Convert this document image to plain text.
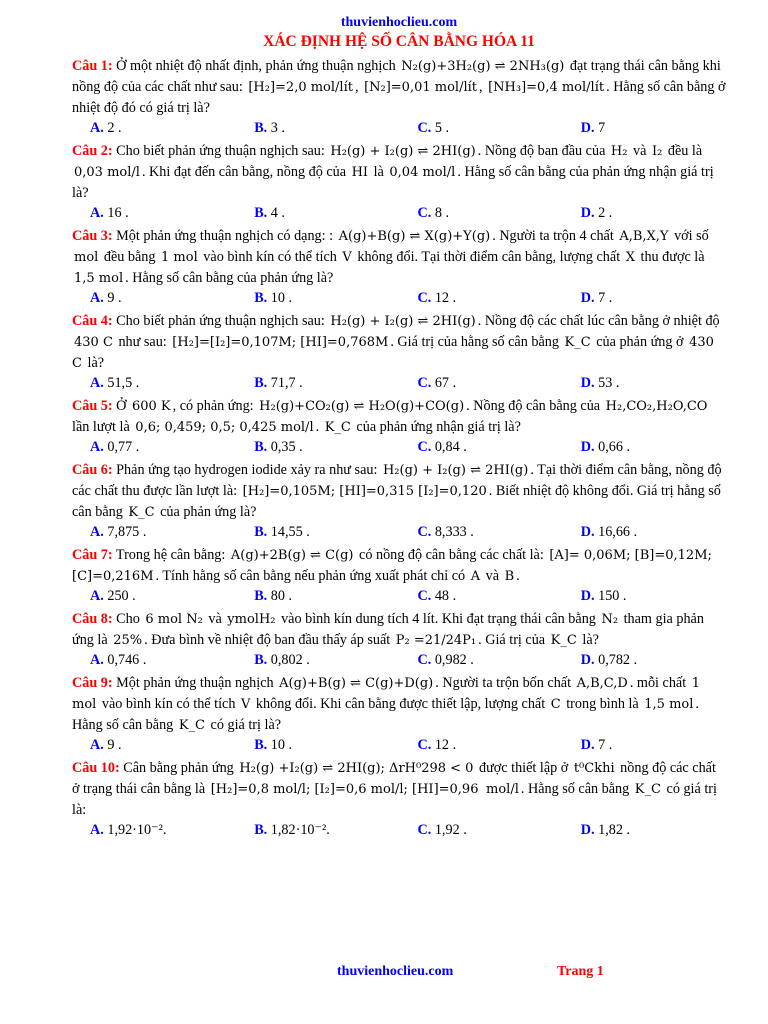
thuvienhoclieu.com
XÁC ĐỊNH HỆ SỐ CÂN BẰNG HÓA 11
Câu 1: Ở một nhiệt độ nhất định, phản ứng thuận nghịch N₂(g)+3H₂(g) ⇌ 2NH₃(g) đạt trạng thái cân bằng khi nồng độ của các chất như sau: [H₂]=2,0 mol/lít , [N₂]=0,01 mol/lít , [NH₃]=0,4 mol/lít . Hằng số cân bằng ở nhiệt độ đó có giá trị là?
A. 2 .	B. 3 .	C. 5 .	D. 7
Câu 2: Cho biết phản ứng thuận nghịch sau: H₂(g) + I₂(g) ⇌ 2HI(g) . Nồng độ ban đầu của H₂ và I₂ đều là 0,03 mol/l . Khi đạt đến cân bằng, nồng độ của HI là 0,04 mol/l . Hằng số cân bằng của phản ứng nhận giá trị là?
A. 16 .	B. 4 .	C. 8 .	D. 2 .
Câu 3: Một phản ứng thuận nghịch có dạng: : A(g)+B(g) ⇌ X(g)+Y(g) . Người ta trộn 4 chất A,B,X,Y với số mol đều bằng 1 mol vào bình kín có thể tích V không đổi. Tại thời điểm cân bằng, lượng chất X thu được là 1,5 mol . Hằng số cân bằng của phản ứng là?
A. 9 .	B. 10 .	C. 12 .	D. 7 .
Câu 4: Cho biết phản ứng thuận nghịch sau: H₂(g) + I₂(g) ⇌ 2HI(g) . Nồng độ các chất lúc cân bằng ở nhiệt độ 430 C như sau: [H₂]=[I₂]=0,107M; [HI]=0,768M . Giá trị của hằng số cân bằng K_C của phản ứng ở 430 C là?
A. 51,5 .	B. 71,7 .	C. 67 .	D. 53 .
Câu 5: Ở 600 K , có phản ứng: H₂(g)+CO₂(g) ⇌ H₂O(g)+CO(g) . Nồng độ cân bằng của H₂,CO₂,H₂O,CO lần lượt là 0,6; 0,459; 0,5; 0,425 mol/l . K_C của phản ứng nhận giá trị là?
A. 0,77 .	B. 0,35 .	C. 0,84 .	D. 0,66 .
Câu 6: Phản ứng tạo hydrogen iodide xảy ra như sau: H₂(g) + I₂(g) ⇌ 2HI(g) . Tại thời điểm cân bằng, nồng độ các chất thu được lần lượt là: [H₂]=0,105M; [HI]=0,315 [I₂]=0,120 . Biết nhiệt độ không đổi. Giá trị hằng số cân bằng K_C của phản ứng là?
A. 7,875 .	B. 14,55 .	C. 8,333 .	D. 16,66 .
Câu 7: Trong hệ cân bằng: A(g)+2B(g) ⇌ C(g) có nồng độ cân bằng các chất là: [A]= 0,06M; [B]=0,12M; [C]=0,216M . Tính hằng số cân bằng nếu phản ứng xuất phát chỉ có A và B .
A. 250 .	B. 80 .	C. 48 .	D. 150 .
Câu 8: Cho 6 mol N₂ và ymolH₂ vào bình kín dung tích 4 lít. Khi đạt trạng thái cân bằng N₂ tham gia phản ứng là 25% . Đưa bình về nhiệt độ ban đầu thấy áp suất P₂ =21/24P₁ . Giá trị của K_C là?
A. 0,746 .	B. 0,802 .	C. 0,982 .	D. 0,782 .
Câu 9: Một phản ứng thuận nghịch A(g)+B(g) ⇌ C(g)+D(g) . Người ta trộn bốn chất A,B,C,D . mỗi chất 1 mol vào bình kín có thể tích V không đổi. Khi cân bằng được thiết lập, lượng chất C trong bình là 1,5 mol . Hằng số cân bằng K_C có giá trị là?
A. 9 .	B. 10 .	C. 12 .	D. 7 .
Câu 10: Cân bằng phản ứng H₂(g) +I₂(g) ⇌ 2HI(g); ΔrH⁰298 < 0 được thiết lập ở t⁰Ckhi nồng độ các chất ở trạng thái cân bằng là [H₂]=0,8 mol/l; [I₂]=0,6 mol/l; [HI]=0,96 mol/l . Hằng số cân bằng K_C có giá trị là:
A. 1,92·10⁻².	B. 1,82·10⁻².	C. 1,92 .	D. 1,82 .
thuvienhoclieu.com	Trang 1
